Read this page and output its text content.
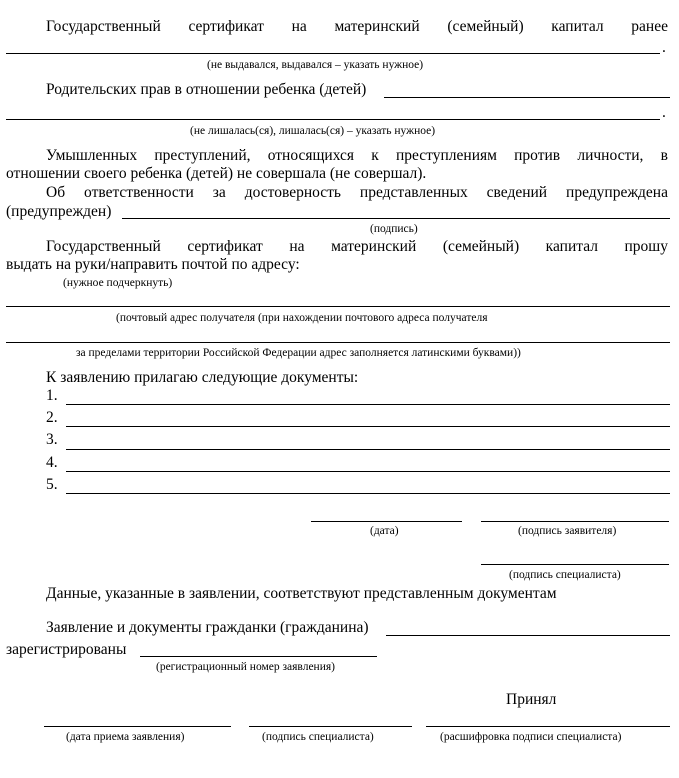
Государственный сертификат на материнский (семейный) капитал ранее
.
(не выдавался, выдавался – указать нужное)
Родительских прав в отношении ребенка (детей)
.
(не лишалась(ся), лишалась(ся) – указать нужное)
Умышленных преступлений, относящихся к преступлениям против личности, в
отношении своего ребенка (детей) не совершала (не совершал).
Об ответственности за достоверность представленных сведений предупреждена
(предупрежден)
(подпись)
Государственный сертификат на материнский (семейный) капитал прошу
выдать на руки/направить почтой по адресу:
(нужное подчеркнуть)
(почтовый адрес получателя (при нахождении почтового адреса получателя
за пределами территории Российской Федерации адрес заполняется латинскими буквами))
К заявлению прилагаю следующие документы:
1.
2.
3.
4.
5.
(дата)	(подпись заявителя)
(подпись специалиста)
Данные, указанные в заявлении, соответствуют представленным документам
Заявление и документы гражданки (гражданина)
зарегистрированы
(регистрационный номер заявления)
Принял
(дата приема заявления)	(подпись специалиста)	(расшифровка подписи специалиста)
